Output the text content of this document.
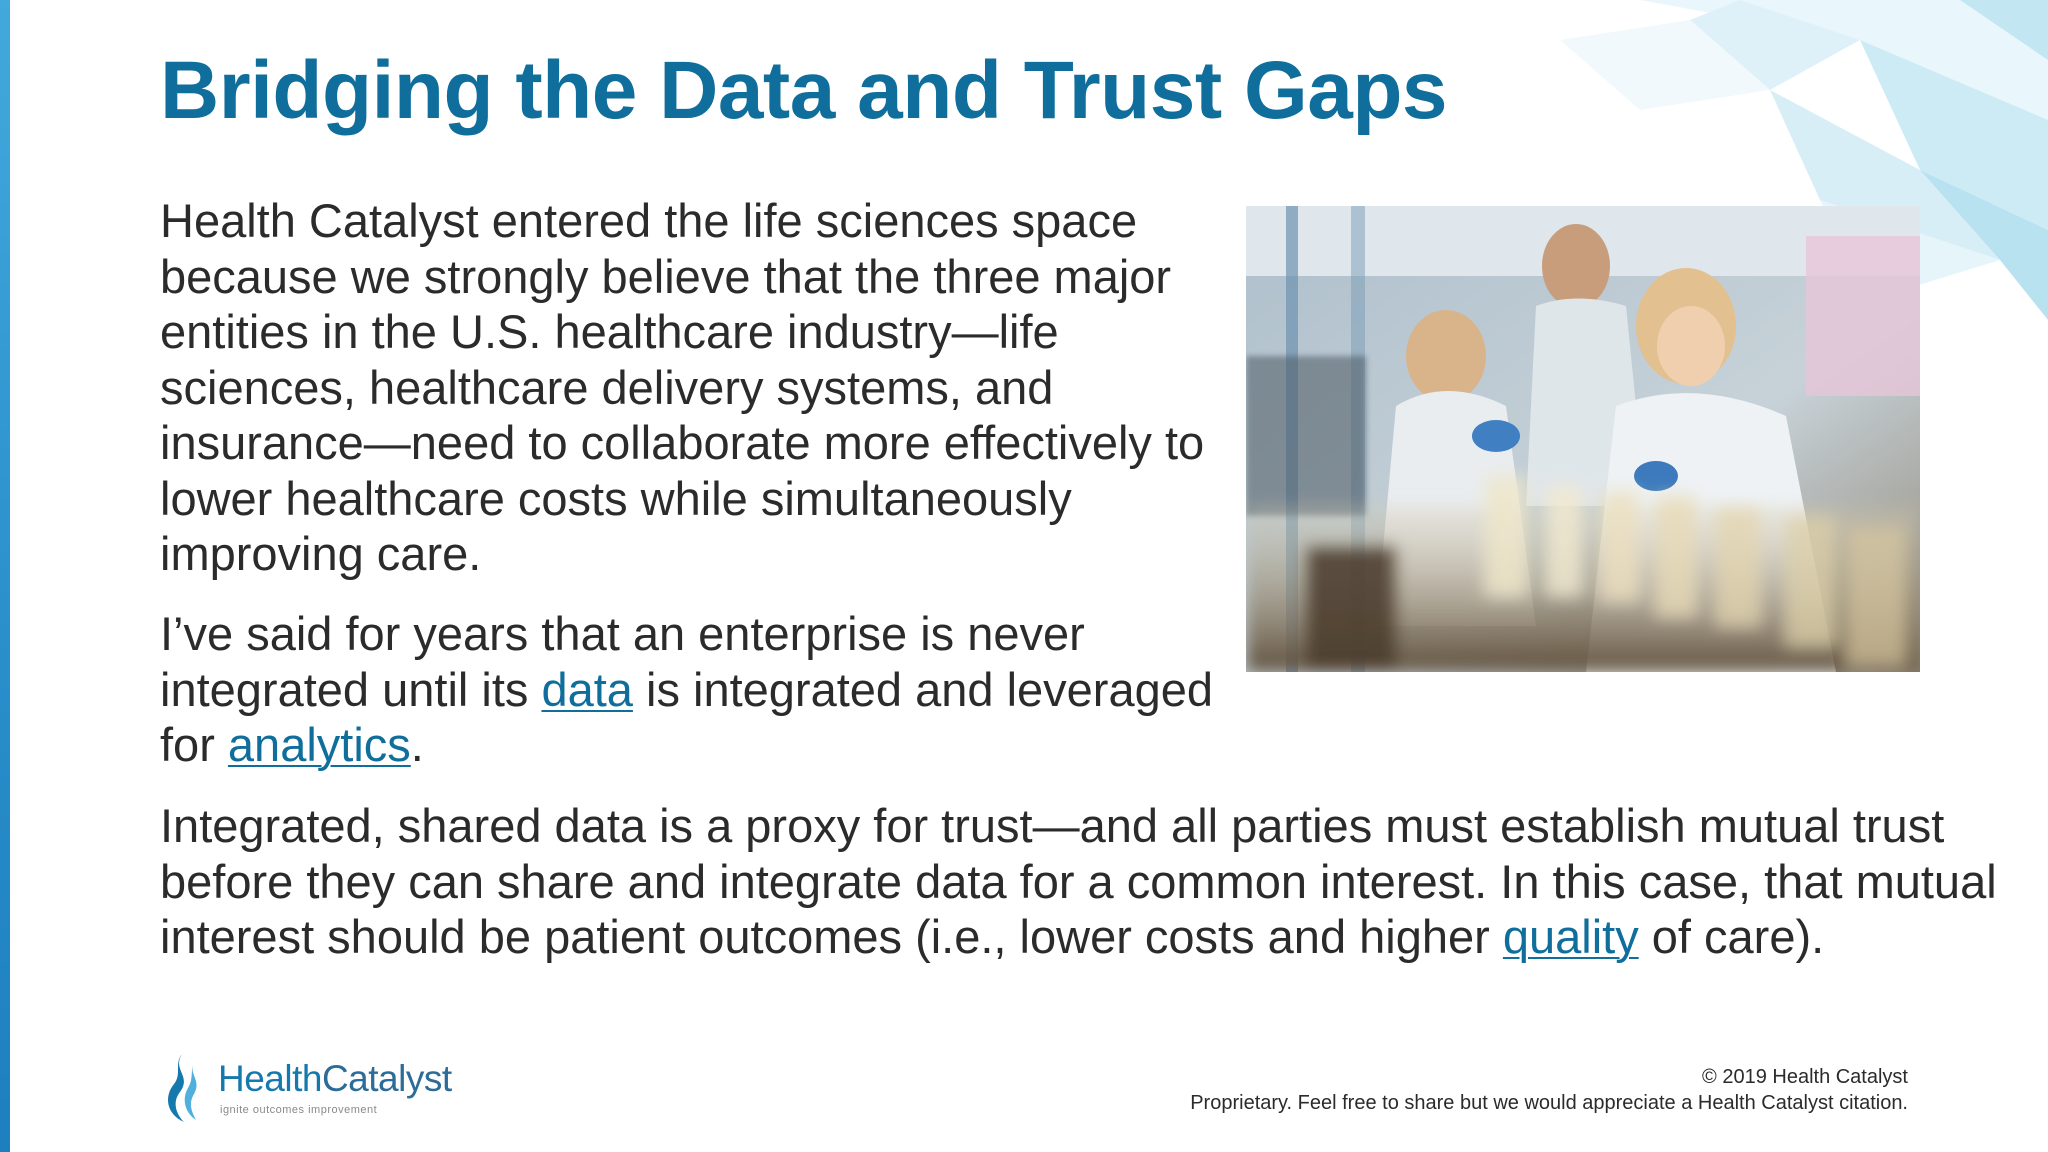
Bridging the Data and Trust Gaps

Health Catalyst entered the life sciences space because we strongly believe that the three major entities in the U.S. healthcare industry—life sciences, healthcare delivery systems, and insurance—need to collaborate more effectively to lower healthcare costs while simultaneously improving care.

I’ve said for years that an enterprise is never integrated until its data is integrated and leveraged for analytics.

Integrated, shared data is a proxy for trust—and all parties must establish mutual trust before they can share and integrate data for a common interest. In this case, that mutual interest should be patient outcomes (i.e., lower costs and higher quality of care).

HealthCatalyst
ignite outcomes improvement
© 2019 Health Catalyst
Proprietary. Feel free to share but we would appreciate a Health Catalyst citation.
